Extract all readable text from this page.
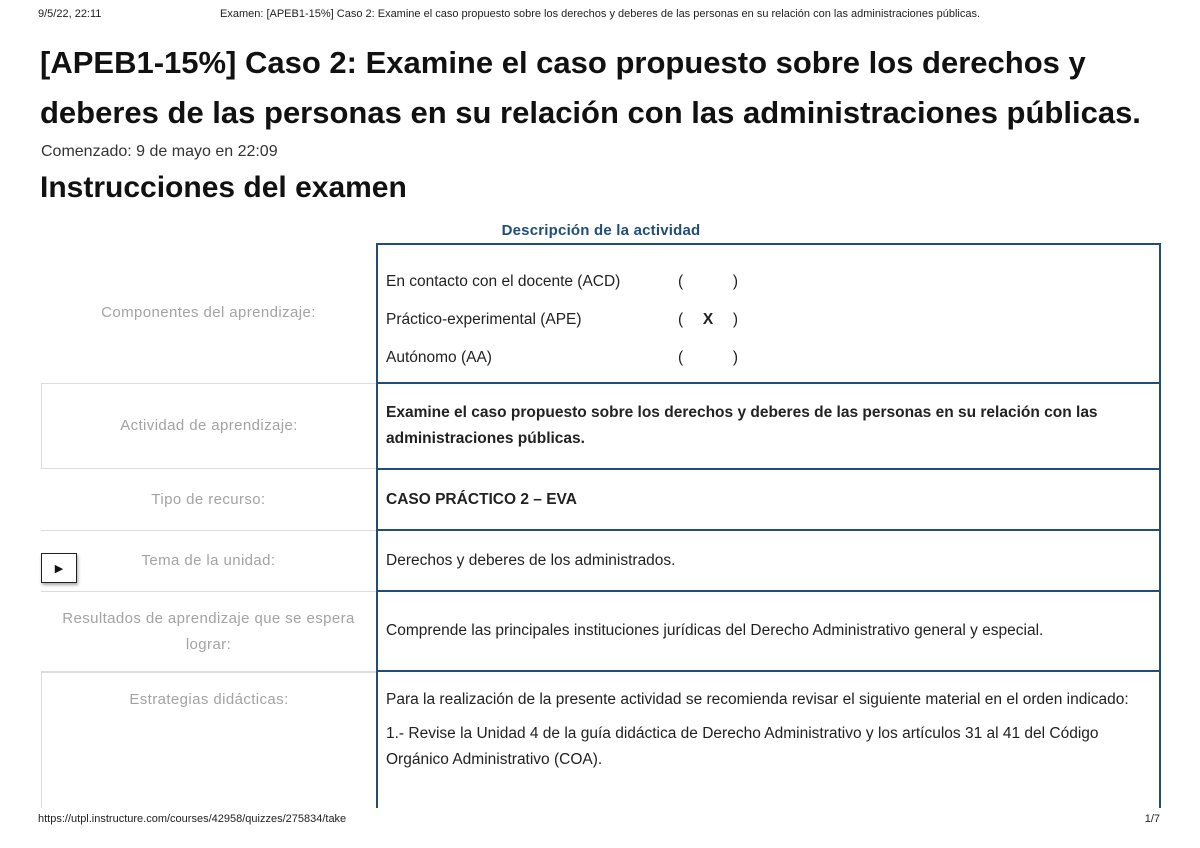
9/5/22, 22:11	Examen: [APEB1-15%] Caso 2: Examine el caso propuesto sobre los derechos y deberes de las personas en su relación con las administraciones públicas.
[APEB1-15%] Caso 2: Examine el caso propuesto sobre los derechos y deberes de las personas en su relación con las administraciones públicas.
Comenzado: 9 de mayo en 22:09
Instrucciones del examen
Descripción de la actividad
Componentes del aprendizaje:
En contacto con el docente (ACD)	(	)
Práctico-experimental (APE)	(	X	)
Autónomo (AA)	(	)
Actividad de aprendizaje:
Examine el caso propuesto sobre los derechos y deberes de las personas en su relación con las administraciones públicas.
Tipo de recurso:	CASO PRÁCTICO 2 – EVA
Tema de la unidad:	Derechos y deberes de los administrados.
Resultados de aprendizaje que se espera lograr:
Comprende las principales instituciones jurídicas del Derecho Administrativo general y especial.
Estrategias didácticas:	Para la realización de la presente actividad se recomienda revisar el siguiente material en el orden indicado:

1.- Revise la Unidad 4 de la guía didáctica de Derecho Administrativo y los artículos 31 al 41 del Código Orgánico Administrativo (COA).

▶
https://utpl.instructure.com/courses/42958/quizzes/275834/take	1/7
